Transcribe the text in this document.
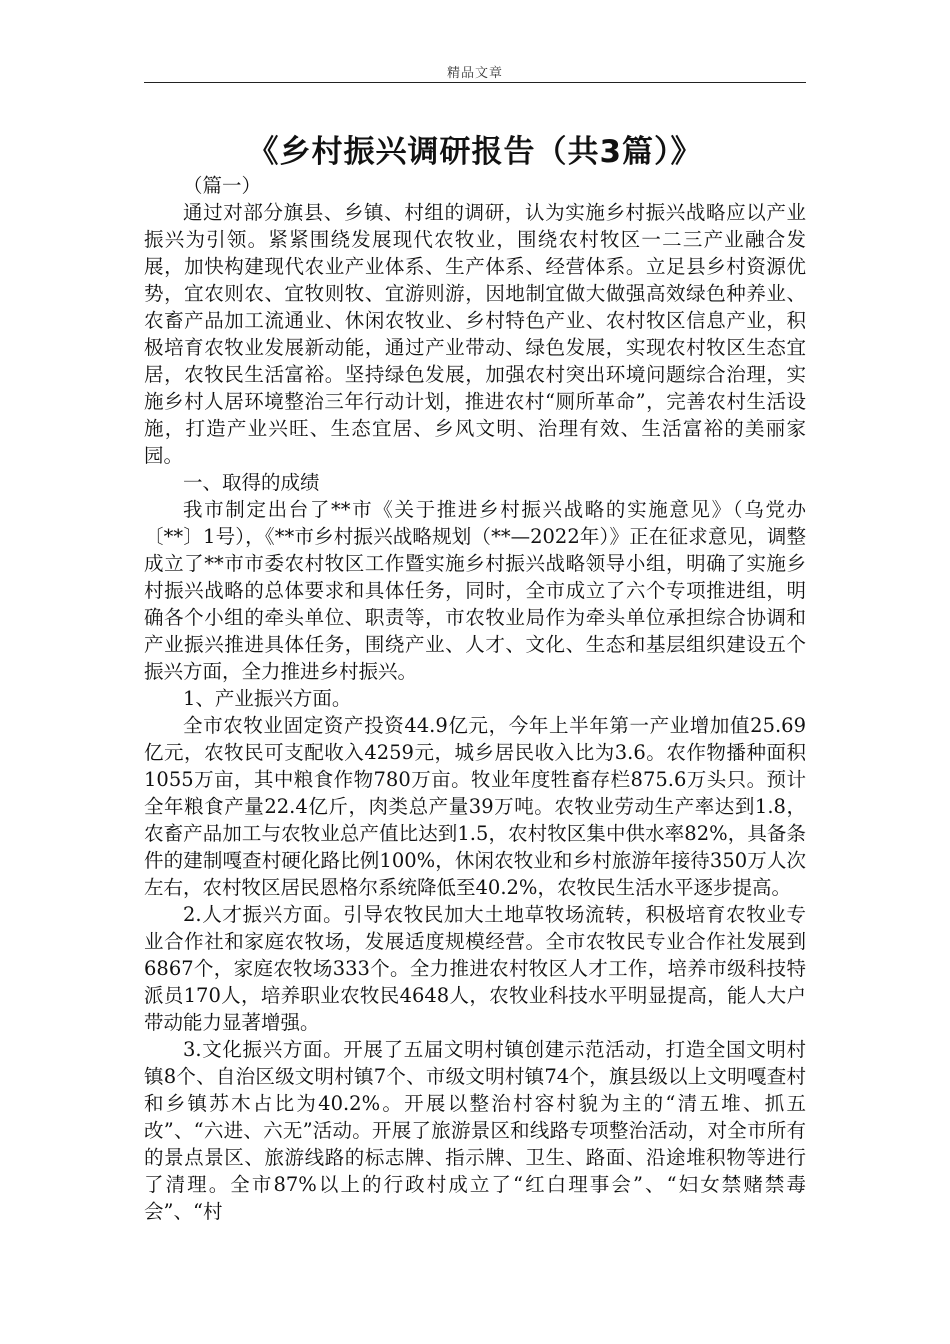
精品文章
《乡村振兴调研报告（共3篇）》

（篇一）

通过对部分旗县、乡镇、村组的调研，认为实施乡村振兴战略应以产业振兴为引领。紧紧围绕发展现代农牧业，围绕农村牧区一二三产业融合发展，加快构建现代农业产业体系、生产体系、经营体系。立足县乡村资源优势，宜农则农、宜牧则牧、宜游则游，因地制宜做大做强高效绿色种养业、农畜产品加工流通业、休闲农牧业、乡村特色产业、农村牧区信息产业，积极培育农牧业发展新动能，通过产业带动、绿色发展，实现农村牧区生态宜居，农牧民生活富裕。坚持绿色发展，加强农村突出环境问题综合治理，实施乡村人居环境整治三年行动计划，推进农村“厕所革命”，完善农村生活设施，打造产业兴旺、生态宜居、乡风文明、治理有效、生活富裕的美丽家园。

一、取得的成绩

我市制定出台了**市《关于推进乡村振兴战略的实施意见》（乌党办〔**〕1号），《**市乡村振兴战略规划（**—2022年）》正在征求意见，调整成立了**市市委农村牧区工作暨实施乡村振兴战略领导小组，明确了实施乡村振兴战略的总体要求和具体任务，同时，全市成立了六个专项推进组，明确各个小组的牵头单位、职责等，市农牧业局作为牵头单位承担综合协调和产业振兴推进具体任务，围绕产业、人才、文化、生态和基层组织建设五个振兴方面，全力推进乡村振兴。

1、产业振兴方面。

全市农牧业固定资产投资44.9亿元，今年上半年第一产业增加值25.69亿元，农牧民可支配收入4259元，城乡居民收入比为3.6。农作物播种面积1055万亩，其中粮食作物780万亩。牧业年度牲畜存栏875.6万头只。预计全年粮食产量22.4亿斤，肉类总产量39万吨。农牧业劳动生产率达到1.8，农畜产品加工与农牧业总产值比达到1.5，农村牧区集中供水率82%，具备条件的建制嘎查村硬化路比例100%，休闲农牧业和乡村旅游年接待350万人次左右，农村牧区居民恩格尔系统降低至40.2%，农牧民生活水平逐步提高。

2.人才振兴方面。引导农牧民加大土地草牧场流转，积极培育农牧业专业合作社和家庭农牧场，发展适度规模经营。全市农牧民专业合作社发展到6867个，家庭农牧场333个。全力推进农村牧区人才工作，培养市级科技特派员170人，培养职业农牧民4648人，农牧业科技水平明显提高，能人大户带动能力显著增强。

3.文化振兴方面。开展了五届文明村镇创建示范活动，打造全国文明村镇8个、自治区级文明村镇7个、市级文明村镇74个，旗县级以上文明嘎查村和乡镇苏木占比为40.2%。开展以整治村容村貌为主的“清五堆、抓五改”、“六进、六无”活动。开展了旅游景区和线路专项整治活动，对全市所有的景点景区、旅游线路的标志牌、指示牌、卫生、路面、沿途堆积物等进行了清理。全市87%以上的行政村成立了“红白理事会”、“妇女禁赌禁毒会”、“村
